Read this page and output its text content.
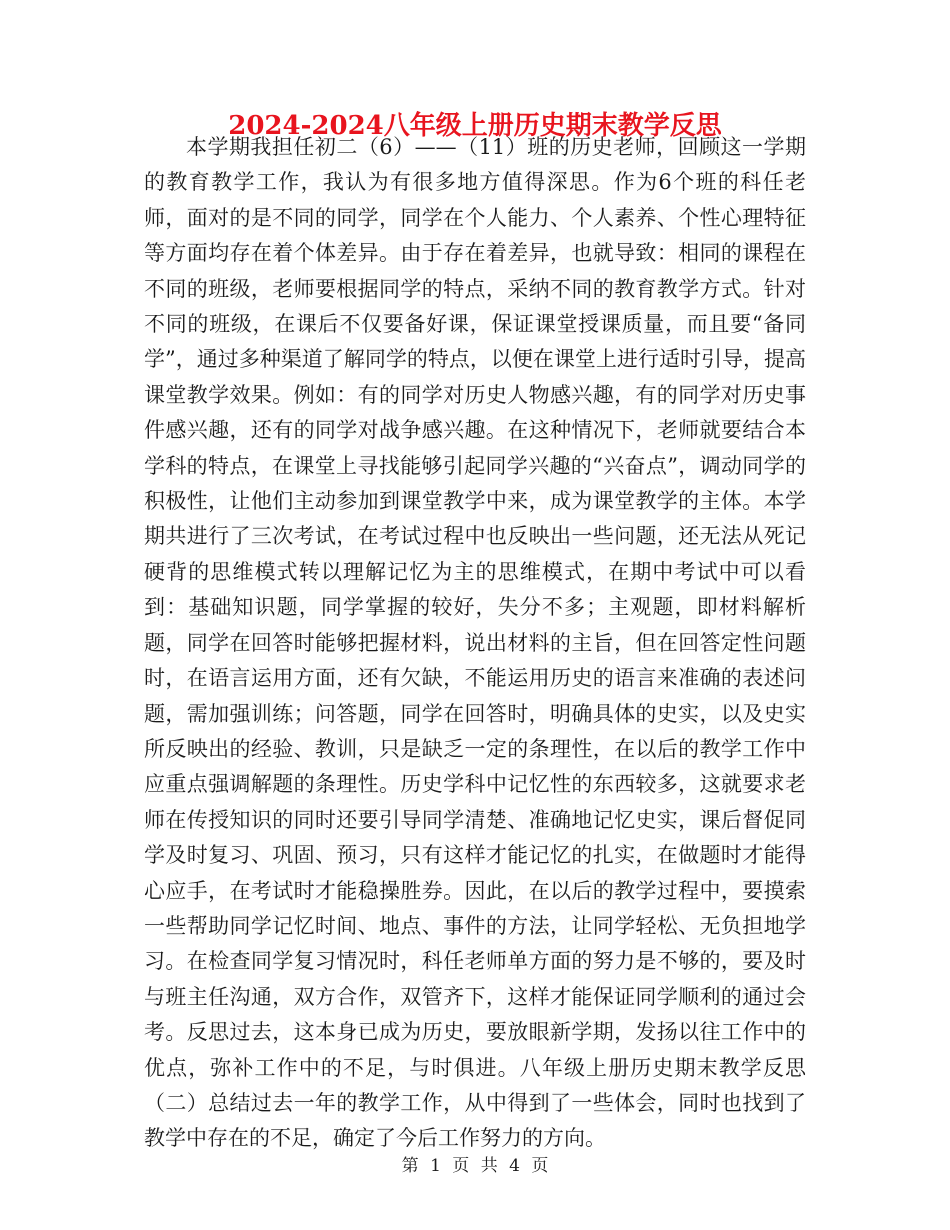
2024-2024八年级上册历史期末教学反思

本学期我担任初二（6）——（11）班的历史老师，回顾这一学期的教育教学工作，我认为有很多地方值得深思。作为6个班的科任老师，面对的是不同的同学，同学在个人能力、个人素养、个性心理特征等方面均存在着个体差异。由于存在着差异，也就导致：相同的课程在不同的班级，老师要根据同学的特点，采纳不同的教育教学方式。针对不同的班级，在课后不仅要备好课，保证课堂授课质量，而且要“备同学”，通过多种渠道了解同学的特点，以便在课堂上进行适时引导，提高课堂教学效果。例如：有的同学对历史人物感兴趣，有的同学对历史事件感兴趣，还有的同学对战争感兴趣。在这种情况下，老师就要结合本学科的特点，在课堂上寻找能够引起同学兴趣的“兴奋点”，调动同学的积极性，让他们主动参加到课堂教学中来，成为课堂教学的主体。本学期共进行了三次考试，在考试过程中也反映出一些问题，还无法从死记硬背的思维模式转以理解记忆为主的思维模式，在期中考试中可以看到：基础知识题，同学掌握的较好，失分不多；主观题，即材料解析题，同学在回答时能够把握材料，说出材料的主旨，但在回答定性问题时，在语言运用方面，还有欠缺，不能运用历史的语言来准确的表述问题，需加强训练；问答题，同学在回答时，明确具体的史实，以及史实所反映出的经验、教训，只是缺乏一定的条理性，在以后的教学工作中应重点强调解题的条理性。历史学科中记忆性的东西较多，这就要求老师在传授知识的同时还要引导同学清楚、准确地记忆史实，课后督促同学及时复习、巩固、预习，只有这样才能记忆的扎实，在做题时才能得心应手，在考试时才能稳操胜券。因此，在以后的教学过程中，要摸索一些帮助同学记忆时间、地点、事件的方法，让同学轻松、无负担地学习。在检查同学复习情况时，科任老师单方面的努力是不够的，要及时与班主任沟通，双方合作，双管齐下，这样才能保证同学顺利的通过会考。反思过去，这本身已成为历史，要放眼新学期，发扬以往工作中的优点，弥补工作中的不足，与时俱进。八年级上册历史期末教学反思（二）总结过去一年的教学工作，从中得到了一些体会，同时也找到了教学中存在的不足，确定了今后工作努力的方向。

第 1 页 共 4 页
